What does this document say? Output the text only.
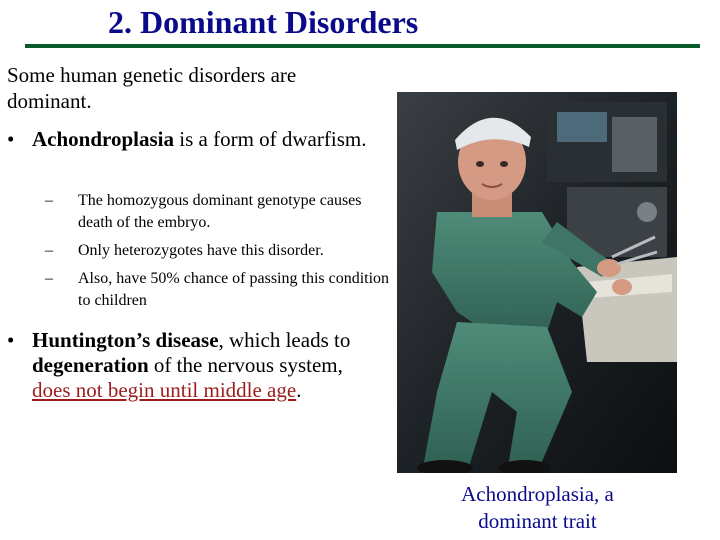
2. Dominant Disorders
Some human genetic disorders are dominant.
• Achondroplasia is a form of dwarfism.
– The homozygous dominant genotype causes death of the embryo.
– Only heterozygotes have this disorder.
– Also, have 50% chance of passing this condition to children
• Huntington’s disease, which leads to degeneration of the nervous system, does not begin until middle age.
Achondroplasia, a dominant trait
